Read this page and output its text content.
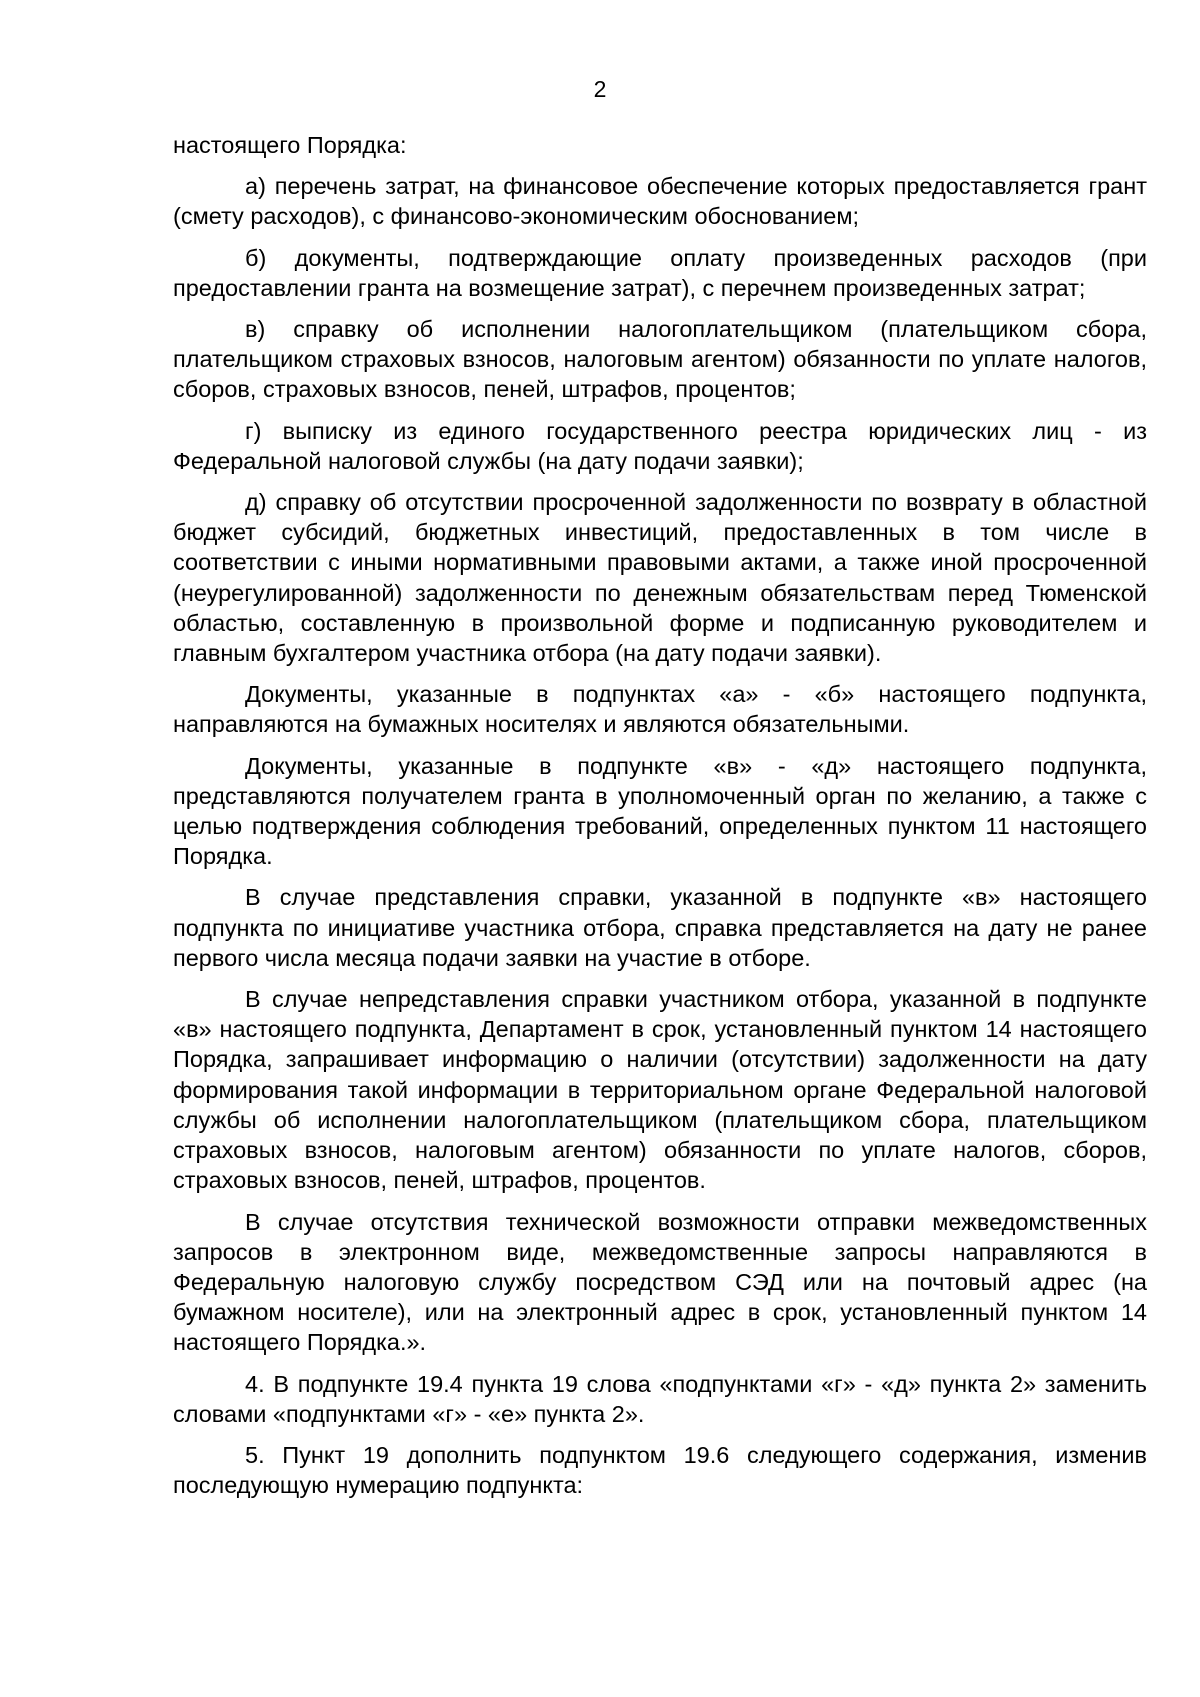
2

настоящего Порядка:

а) перечень затрат, на финансовое обеспечение которых предоставляется грант (смету расходов), с финансово-экономическим обоснованием;

б) документы, подтверждающие оплату произведенных расходов (при предоставлении гранта на возмещение затрат), с перечнем произведенных затрат;

в) справку об исполнении налогоплательщиком (плательщиком сбора, плательщиком страховых взносов, налоговым агентом) обязанности по уплате налогов, сборов, страховых взносов, пеней, штрафов, процентов;

г) выписку из единого государственного реестра юридических лиц - из Федеральной налоговой службы (на дату подачи заявки);

д) справку об отсутствии просроченной задолженности по возврату в областной бюджет субсидий, бюджетных инвестиций, предоставленных в том числе в соответствии с иными нормативными правовыми актами, а также иной просроченной (неурегулированной) задолженности по денежным обязательствам перед Тюменской областью, составленную в произвольной форме и подписанную руководителем и главным бухгалтером участника отбора (на дату подачи заявки).

Документы, указанные в подпунктах «а» - «б» настоящего подпункта, направляются на бумажных носителях и являются обязательными.

Документы, указанные в подпункте «в» - «д» настоящего подпункта, представляются получателем гранта в уполномоченный орган по желанию, а также с целью подтверждения соблюдения требований, определенных пунктом 11 настоящего Порядка.

В случае представления справки, указанной в подпункте «в» настоящего подпункта по инициативе участника отбора, справка представляется на дату не ранее первого числа месяца подачи заявки на участие в отборе.

В случае непредставления справки участником отбора, указанной в подпункте «в» настоящего подпункта, Департамент в срок, установленный пунктом 14 настоящего Порядка, запрашивает информацию о наличии (отсутствии) задолженности на дату формирования такой информации в территориальном органе Федеральной налоговой службы об исполнении налогоплательщиком (плательщиком сбора, плательщиком страховых взносов, налоговым агентом) обязанности по уплате налогов, сборов, страховых взносов, пеней, штрафов, процентов.

В случае отсутствия технической возможности отправки межведомственных запросов в электронном виде, межведомственные запросы направляются в Федеральную налоговую службу посредством СЭД или на почтовый адрес (на бумажном носителе), или на электронный адрес в срок, установленный пунктом 14 настоящего Порядка.».

4. В подпункте 19.4 пункта 19 слова «подпунктами «г» - «д» пункта 2» заменить словами «подпунктами «г» - «е» пункта 2».

5. Пункт 19 дополнить подпунктом 19.6 следующего содержания, изменив последующую нумерацию подпункта:
